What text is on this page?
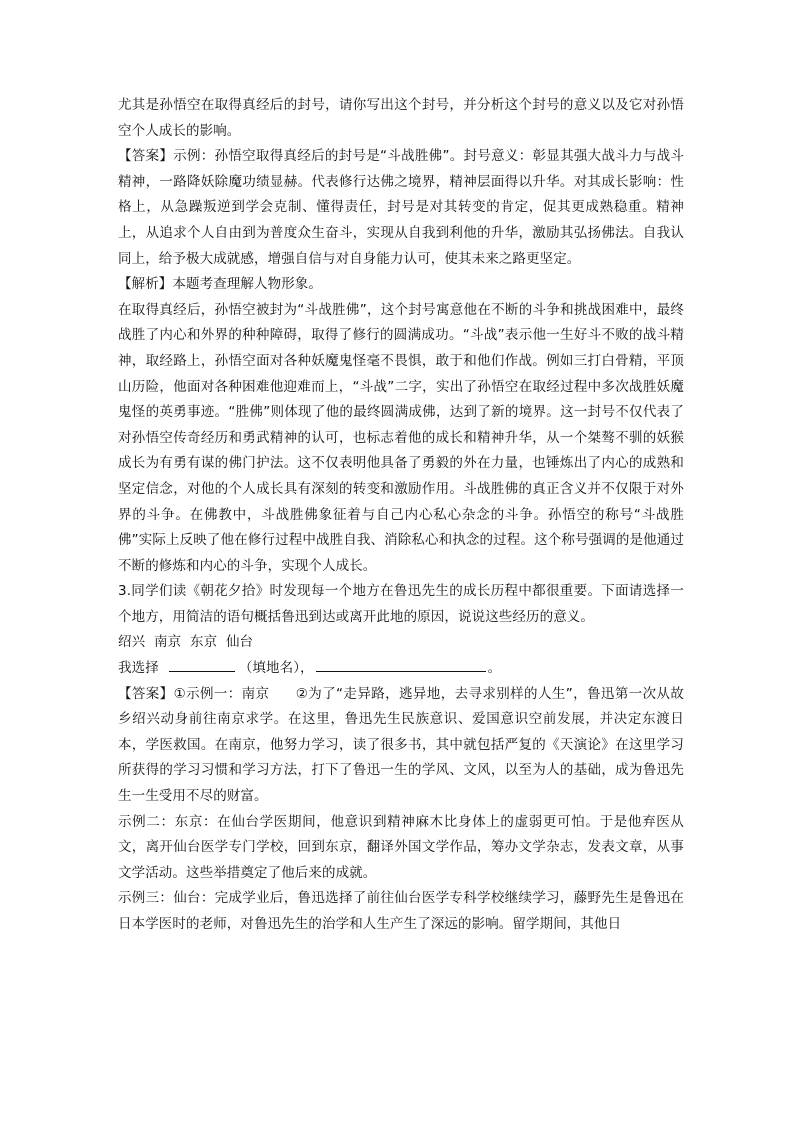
尤其是孙悟空在取得真经后的封号，请你写出这个封号，并分析这个封号的意义以及它对孙悟空个人成长的影响。

【答案】示例：孙悟空取得真经后的封号是“斗战胜佛”。封号意义：彰显其强大战斗力与战斗精神，一路降妖除魔功绩显赫。代表修行达佛之境界，精神层面得以升华。对其成长影响：性格上，从急躁叛逆到学会克制、懂得责任，封号是对其转变的肯定，促其更成熟稳重。精神上，从追求个人自由到为普度众生奋斗，实现从自我到利他的升华，激励其弘扬佛法。自我认同上，给予极大成就感，增强自信与对自身能力认可，使其未来之路更坚定。

【解析】本题考查理解人物形象。

在取得真经后，孙悟空被封为“斗战胜佛”，这个封号寓意他在不断的斗争和挑战困难中，最终战胜了内心和外界的种种障碍，取得了修行的圆满成功。“斗战”表示他一生好斗不败的战斗精神，取经路上，孙悟空面对各种妖魔鬼怪毫不畏惧，敢于和他们作战。例如三打白骨精，平顶山历险，他面对各种困难他迎难而上，“斗战”二字，实出了孙悟空在取经过程中多次战胜妖魔鬼怪的英勇事迹。“胜佛”则体现了他的最终圆满成佛，达到了新的境界。这一封号不仅代表了对孙悟空传奇经历和勇武精神的认可，也标志着他的成长和精神升华，从一个桀骜不驯的妖猴成长为有勇有谋的佛门护法。这不仅表明他具备了勇毅的外在力量，也锤炼出了内心的成熟和坚定信念，对他的个人成长具有深刻的转变和激励作用。斗战胜佛的真正含义并不仅限于对外界的斗争。在佛教中，斗战胜佛象征着与自己内心私心杂念的斗争。孙悟空的称号“斗战胜佛”实际上反映了他在修行过程中战胜自我、消除私心和执念的过程。这个称号强调的是他通过不断的修炼和内心的斗争，实现个人成长。

3.同学们读《朝花夕拾》时发现每一个地方在鲁迅先生的成长历程中都很重要。下面请选择一个地方，用简洁的语句概括鲁迅到达或离开此地的原因，说说这些经历的意义。

绍兴  南京  东京  仙台

我选择	（填地名），	。

【答案】①示例一：南京 ②为了“走异路，逃异地，去寻求别样的人生”，鲁迅第一次从故乡绍兴动身前往南京求学。在这里，鲁迅先生民族意识、爱国意识空前发展，并决定东渡日本，学医救国。在南京，他努力学习，读了很多书，其中就包括严复的《天演论》在这里学习所获得的学习习惯和学习方法，打下了鲁迅一生的学风、文风，以至为人的基础，成为鲁迅先生一生受用不尽的财富。

示例二：东京：在仙台学医期间，他意识到精神麻木比身体上的虚弱更可怕。于是他弃医从文，离开仙台医学专门学校，回到东京，翻译外国文学作品，筹办文学杂志，发表文章，从事文学活动。这些举措奠定了他后来的成就。

示例三：仙台：完成学业后，鲁迅选择了前往仙台医学专科学校继续学习，藤野先生是鲁迅在日本学医时的老师，对鲁迅先生的治学和人生产生了深远的影响。留学期间，其他日
